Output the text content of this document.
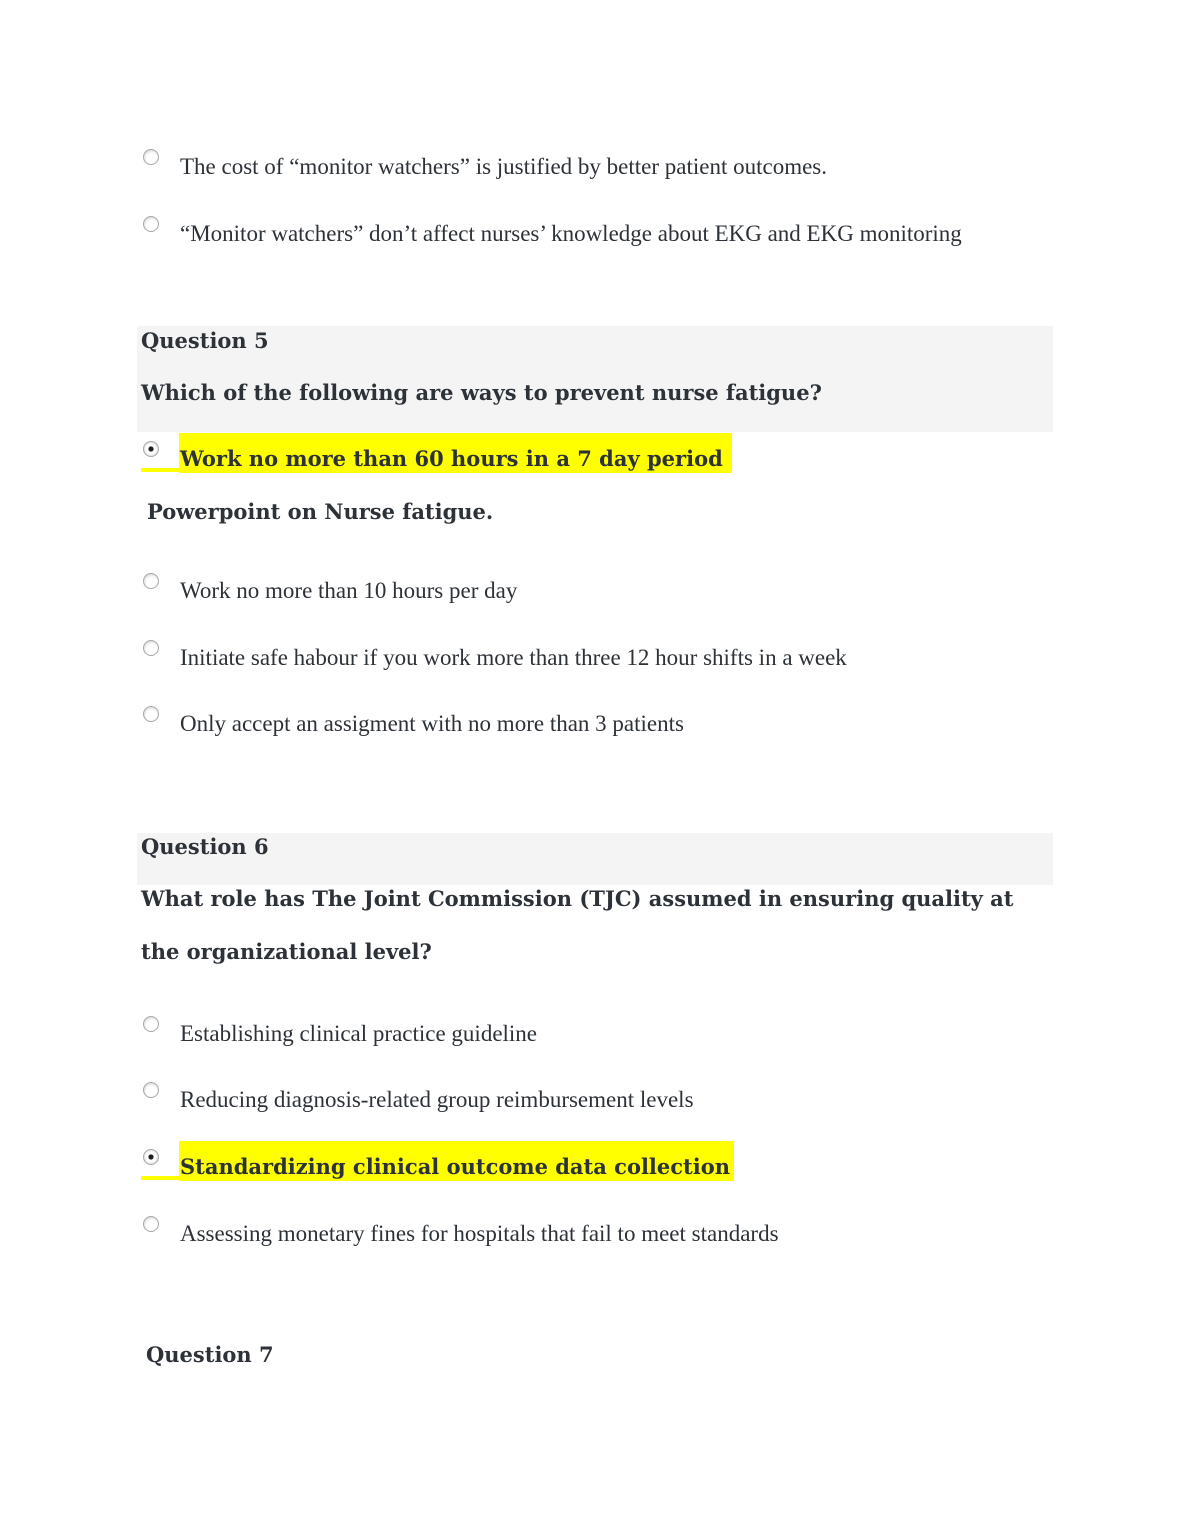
The cost of “monitor watchers” is justified by better patient outcomes.
“Monitor watchers” don’t affect nurses’ knowledge about EKG and EKG monitoring
Question 5
Which of the following are ways to prevent nurse fatigue?
Work no more than 60 hours in a 7 day period
Powerpoint on Nurse fatigue.
Work no more than 10 hours per day
Initiate safe habour if you work more than three 12 hour shifts in a week
Only accept an assigment with no more than 3 patients
Question 6
What role has The Joint Commission (TJC) assumed in ensuring quality at
the organizational level?
Establishing clinical practice guideline
Reducing diagnosis-related group reimbursement levels
Standardizing clinical outcome data collection
Assessing monetary fines for hospitals that fail to meet standards
Question 7
